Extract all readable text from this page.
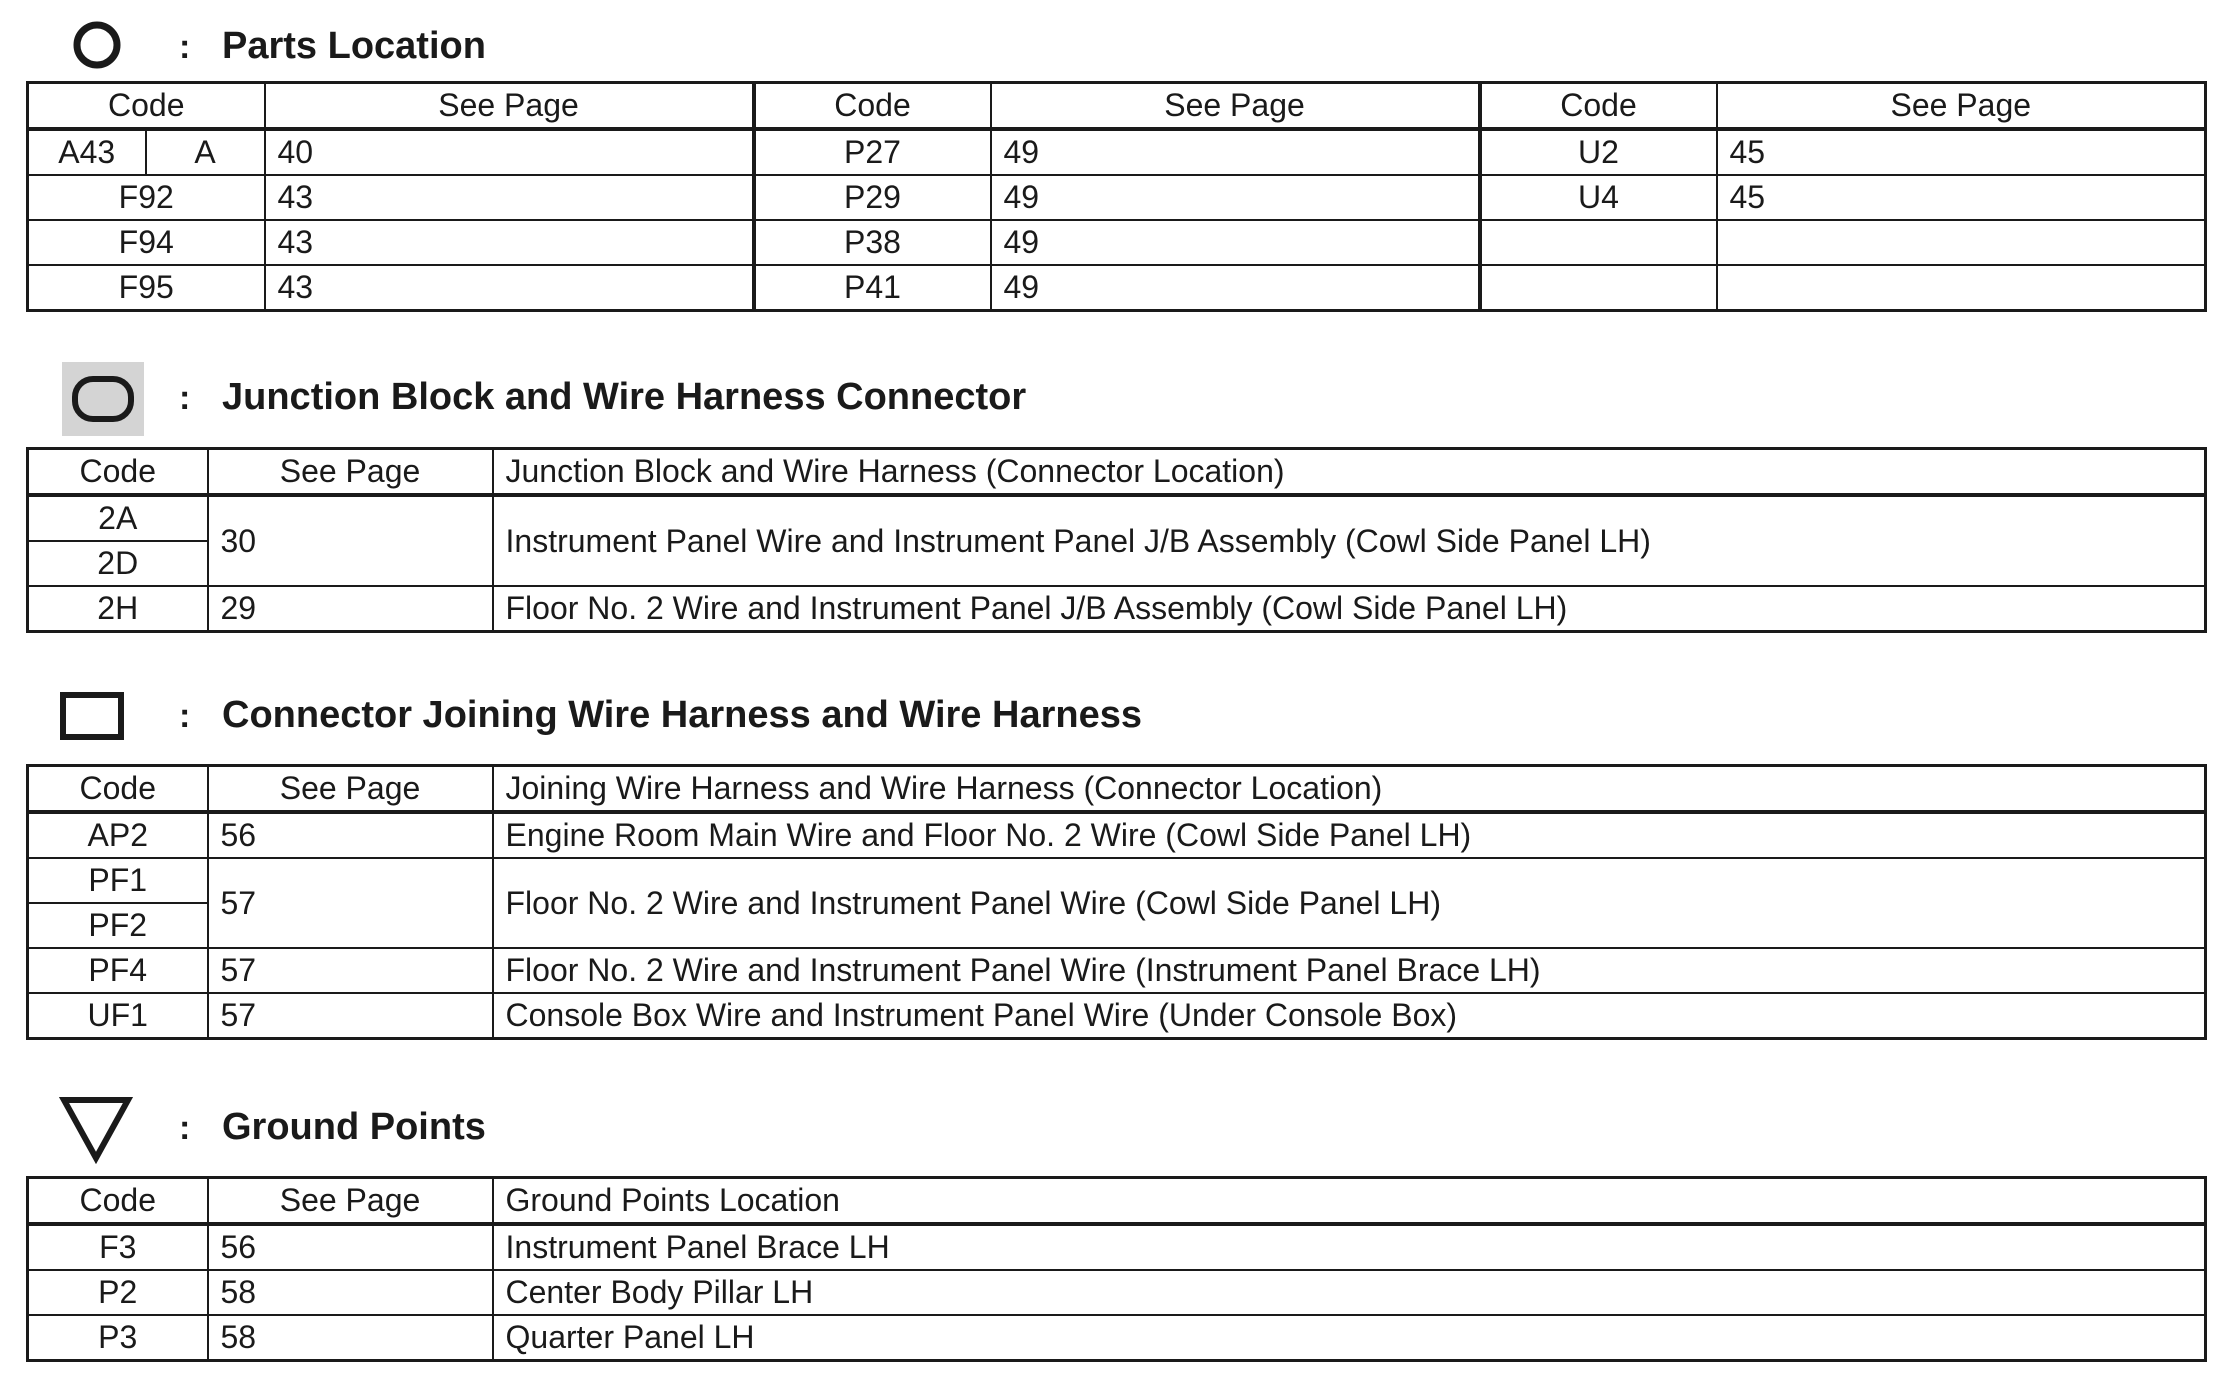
: Parts Location
Code		See Page	Code	See Page	Code	See Page
A43	A	40	P27	49	U2	45
F92		43	P29	49	U4	45
F94		43	P38	49		
F95		43	P41	49		
: Junction Block and Wire Harness Connector
Code	See Page	Junction Block and Wire Harness (Connector Location)
2A	30	Instrument Panel Wire and Instrument Panel J/B Assembly (Cowl Side Panel LH)
2D		
2H	29	Floor No. 2 Wire and Instrument Panel J/B Assembly (Cowl Side Panel LH)
: Connector Joining Wire Harness and Wire Harness
Code	See Page	Joining Wire Harness and Wire Harness (Connector Location)
AP2	56	Engine Room Main Wire and Floor No. 2 Wire (Cowl Side Panel LH)
PF1	57	Floor No. 2 Wire and Instrument Panel Wire (Cowl Side Panel LH)
PF2		
PF4	57	Floor No. 2 Wire and Instrument Panel Wire (Instrument Panel Brace LH)
UF1	57	Console Box Wire and Instrument Panel Wire (Under Console Box)
: Ground Points
Code	See Page	Ground Points Location
F3	56	Instrument Panel Brace LH
P2	58	Center Body Pillar LH
P3	58	Quarter Panel LH
